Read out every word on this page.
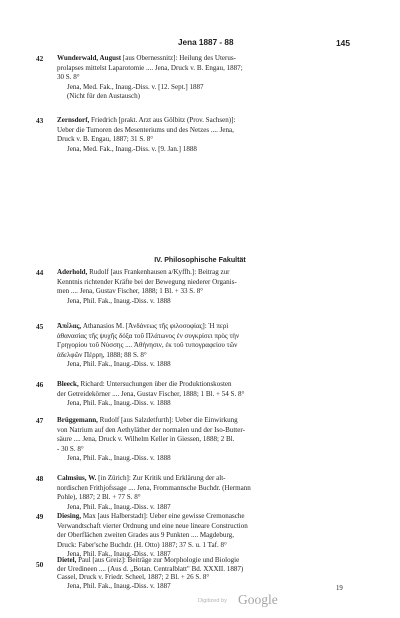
Jena 1887 - 88	145
42 Wunderwald, August [aus Obernessnitz]: Heilung des Uterus-
prolapses mittelst Laparotomie .... Jena, Druck v. B. Engau, 1887;
30 S. 8°
Jena, Med. Fak., Inaug.-Diss. v. [12. Sept.] 1887
(Nicht für den Austausch)
43 Zernsdorf, Friedrich [prakt. Arzt aus Gölbitz (Prov. Sachsen)]:
Ueber die Tumoren des Mesenteriums und des Netzes .... Jena,
Druck v. B. Engau, 1887; 31 S. 8°
Jena, Med. Fak., Inaug.-Diss. v. [9. Jan.] 1888
IV. Philosophische Fakultät
44 Aderhold, Rudolf [aus Frankenhausen a/Kyffh.]: Beitrag zur
Kenntnis richtender Kräfte bei der Bewegung niederer Organis-
men .... Jena, Gustav Fischer, 1888; 1 Bl. + 33 S. 8°
Jena, Phil. Fak., Inaug.-Diss. v. 1888
45 Ἀπέλας, Athanasios M. [Ἀνδάνεως τῆς φιλοσοφίας]: Ἡ περὶ
ἀθανασίας τῆς ψυχῆς δόξα τοῦ Πλάτωνος ἐν συγκρίσει πρὸς τὴν
Γρηγορίου τοῦ Νύσσης .... Ἀθήνησιν, ἐκ τοῦ τυπογραφείου τῶν
ἀδελφῶν Πέρρη, 1888; 88 S. 8°
Jena, Phil. Fak., Inaug.-Diss. v. 1888
46 Bleeck, Richard: Untersuchungen über die Produktionskosten
der Getreidekörner .... Jena, Gustav Fischer, 1888; 1 Bl. + 54 S. 8°
Jena, Phil. Fak., Inaug.-Diss. v. 1888
47 Brüggemann, Rudolf [aus Salzdetfurth]: Ueber die Einwirkung
von Natrium auf den Aethyläther der normalen und der Iso-Butter-
säure .... Jena, Druck v. Wilhelm Keller in Giessen, 1888; 2 Bl.
- 30 S. 8°
Jena, Phil. Fak., Inaug.-Diss. v. 1888
48 Calmsius, W. [in Zürich]: Zur Kritik und Erklärung der alt-
nordischen Frithjofssage .... Jena, Frommannsche Buchdr. (Hermann
Pohle), 1887; 2 Bl. + 77 S. 8°
Jena, Phil. Fak., Inaug.-Diss. v. 1887
49 Diesing, Max [aus Halberstadt]: Ueber eine gewisse Cremonasche
Verwandtschaft vierter Ordnung und eine neue lineare Construction
der Oberflächen zweiten Grades aus 9 Punkten .... Magdeburg,
Druck: Faber'sche Buchdr. (H. Otto) 1887; 37 S. u. 1 Taf. 8°
Jena, Phil. Fak., Inaug.-Diss. v. 1887
50 Dietel, Paul [aus Greiz]: Beiträge zur Morphologie und Biologie
der Uredineen .... (Aus d. „Botan. Centralblatt" Bd. XXXII. 1887)
Cassel, Druck v. Friedr. Scheel, 1887; 2 Bl. + 26 S. 8°
Jena, Phil. Fak., Inaug.-Diss. v. 1887	19
Digitized by Google
